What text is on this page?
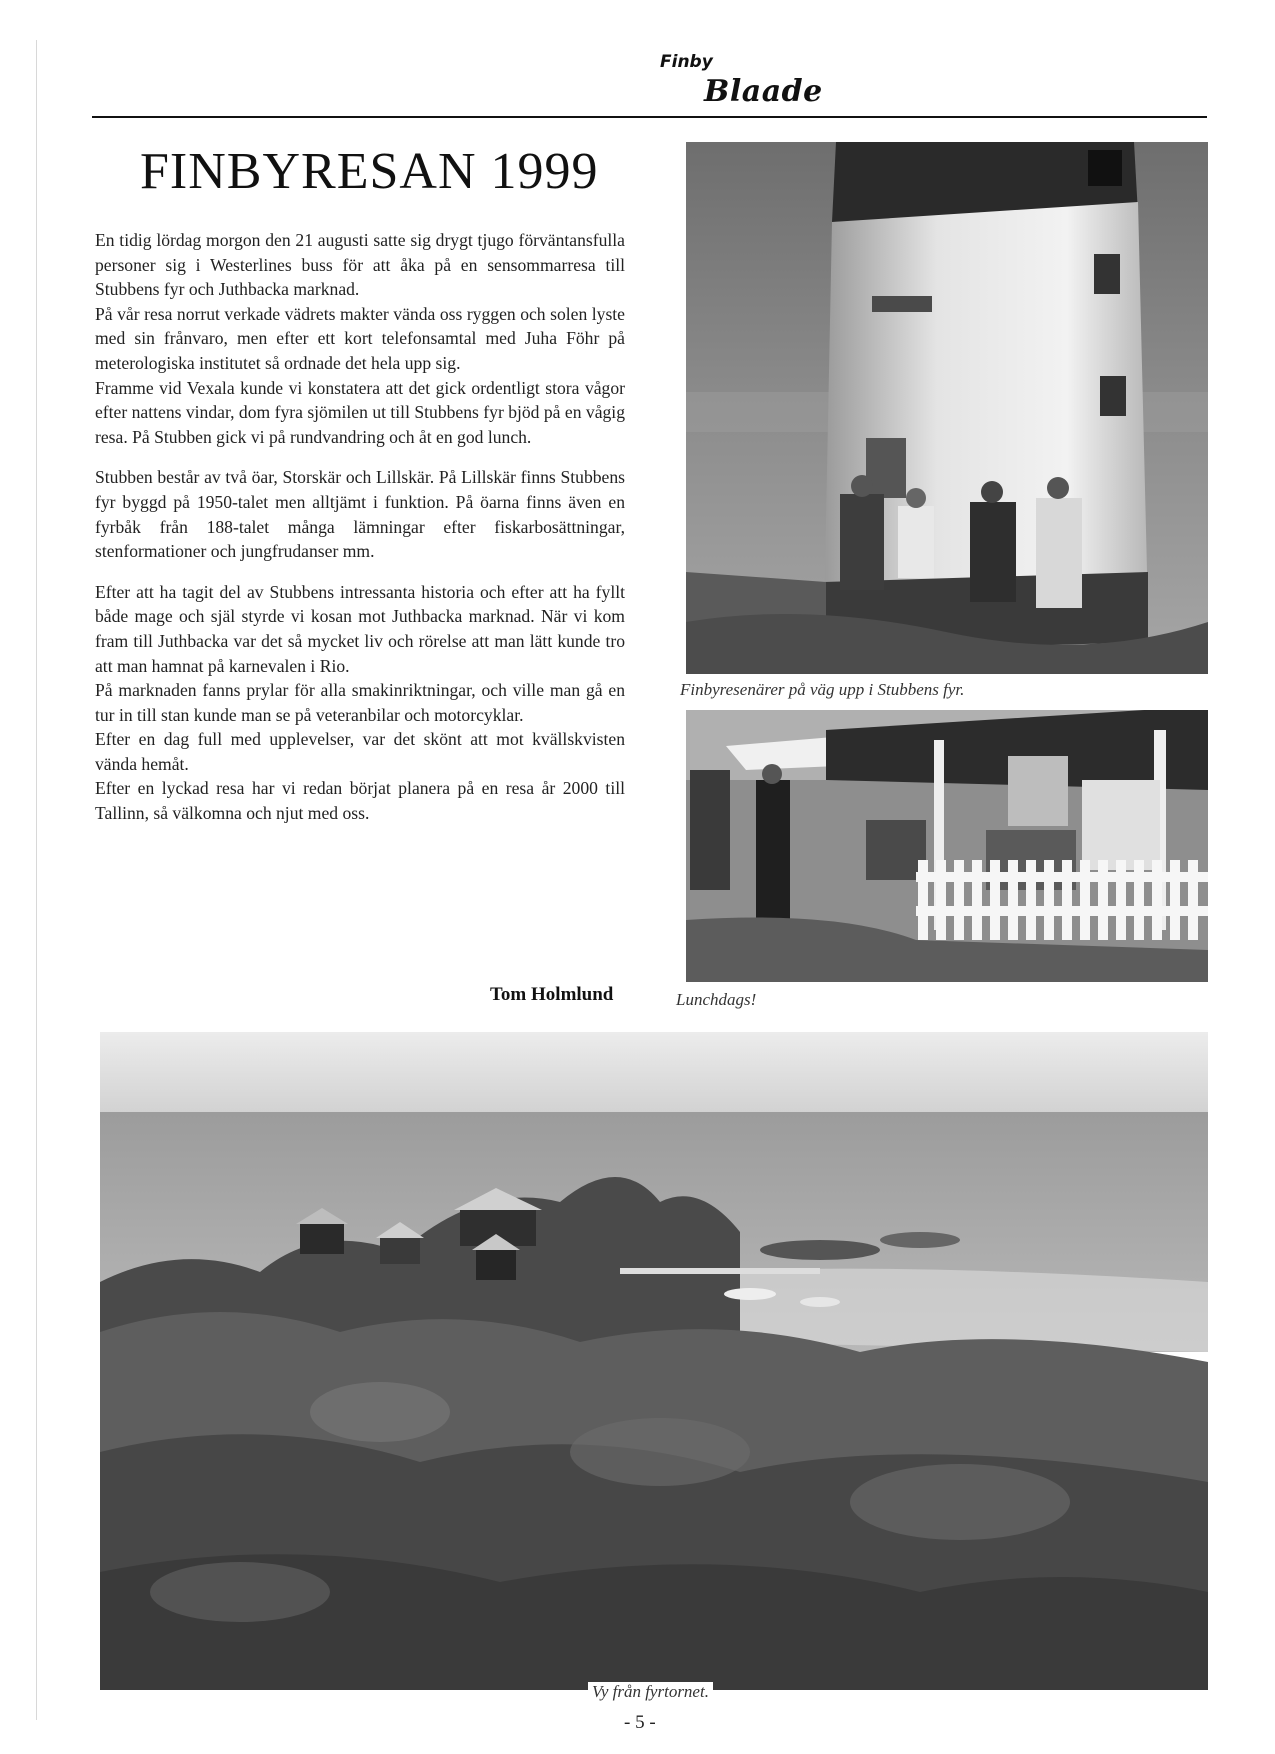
Finby
Blaade
FINBYRESAN 1999

En tidig lördag morgon den 21 augusti satte sig drygt tjugo förväntansfulla personer sig i Westerlines buss för att åka på en sensommarresa till Stubbens fyr och Juthbacka marknad.

På vår resa norrut verkade vädrets makter vända oss ryggen och solen lyste med sin frånvaro, men efter ett kort telefonsamtal med Juha Föhr på meterologiska institutet så ordnade det hela upp sig.

Framme vid Vexala kunde vi konstatera att det gick ordentligt stora vågor efter nattens vindar, dom fyra sjömilen ut till Stubbens fyr bjöd på en vågig resa. På Stubben gick vi på rundvandring och åt en god lunch.

Stubben består av två öar, Storskär och Lillskär. På Lillskär finns Stubbens fyr byggd på 1950-talet men alltjämt i funktion. På öarna finns även en fyrbåk från 188-talet många lämningar efter fiskarbosättningar, stenformationer och jungfrudanser mm.

Efter att ha tagit del av Stubbens intressanta historia och efter att ha fyllt både mage och själ styrde vi kosan mot Juthbacka marknad. När vi kom fram till Juthbacka var det så mycket liv och rörelse att man lätt kunde tro att man hamnat på karnevalen i Rio.

På marknaden fanns prylar för alla smakinriktningar, och ville man gå en tur in till stan kunde man se på veteranbilar och motorcyklar.

Efter en dag full med upplevelser, var det skönt att mot kvällskvisten vända hemåt.

Efter en lyckad resa har vi redan börjat planera på en resa år 2000 till Tallinn, så välkomna och njut med oss.

Tom Holmlund
Finbyresenärer på väg upp i Stubbens fyr.
Lunchdags!
Vy från fyrtornet.
- 5 -
